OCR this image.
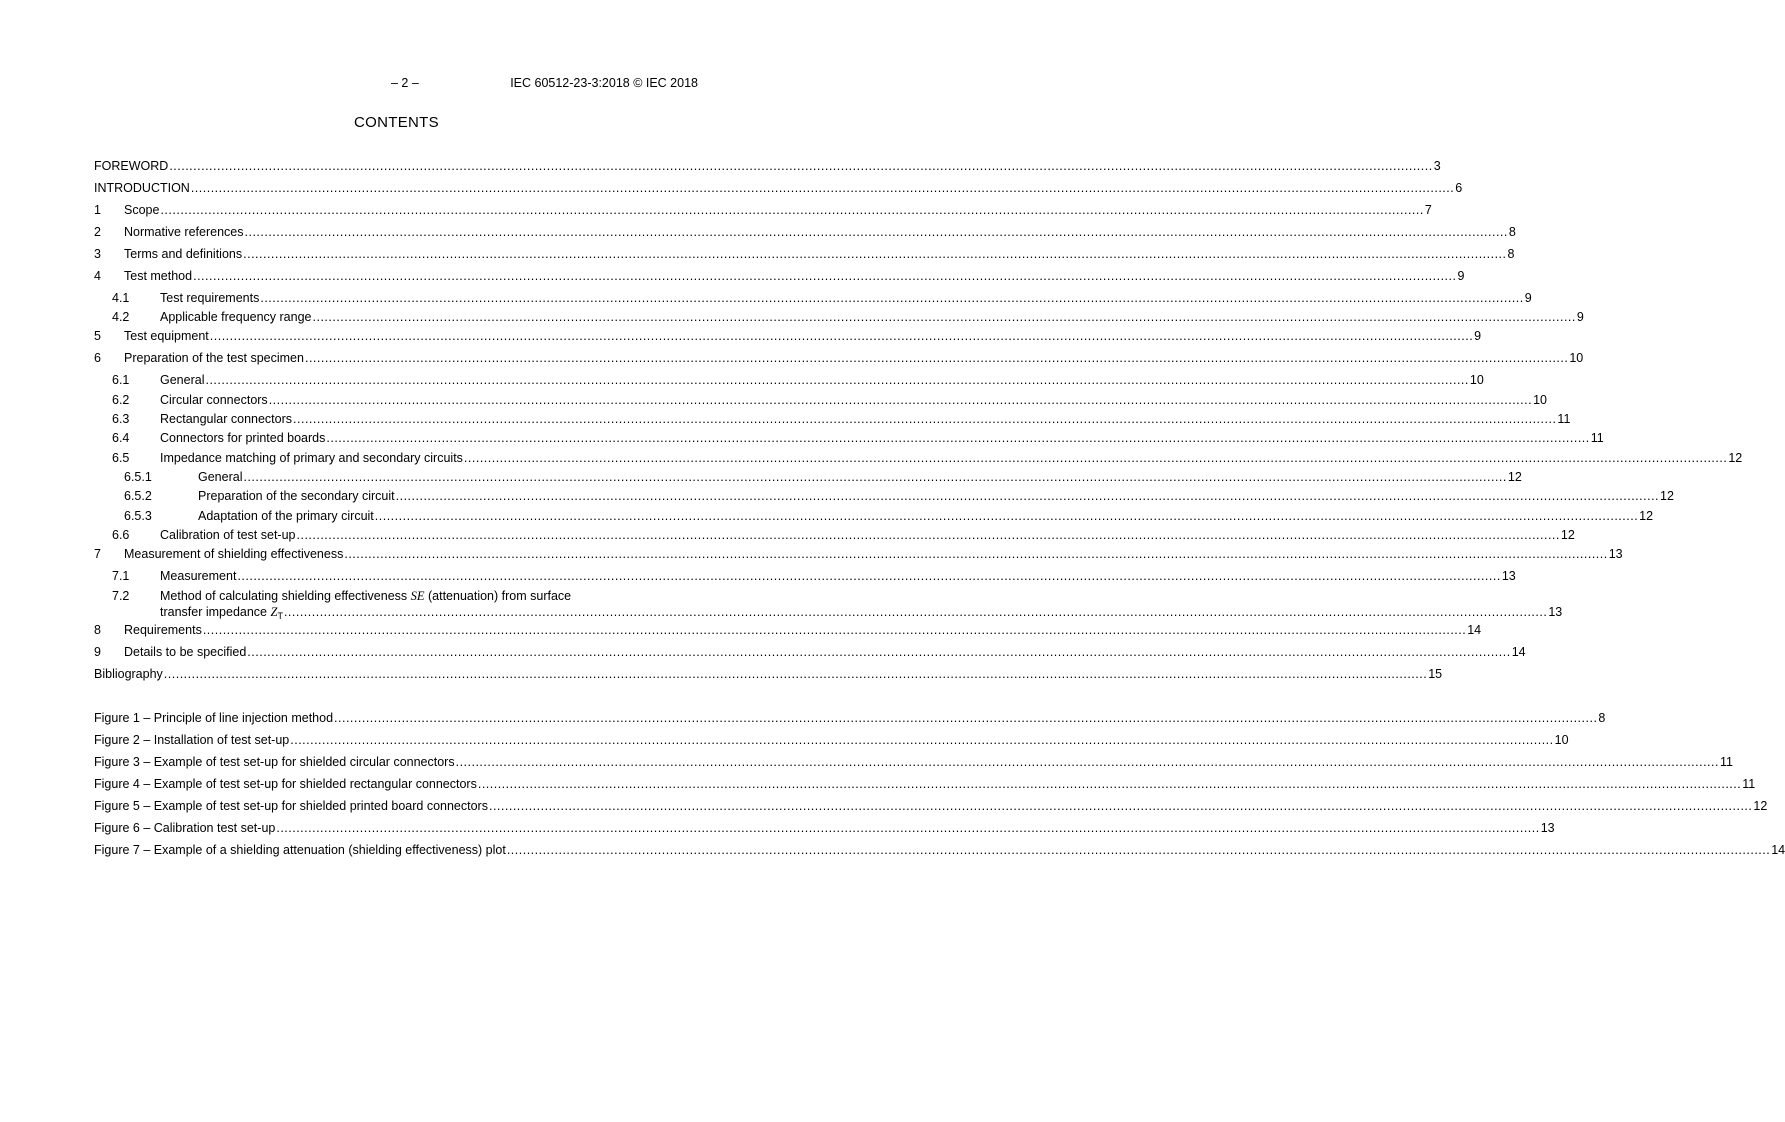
– 2 –	IEC 60512-23-3:2018 © IEC 2018
CONTENTS
FOREWORD .....	3
INTRODUCTION .....	6
1	Scope .....	7
2	Normative references .....	8
3	Terms and definitions .....	8
4	Test method .....	9
4.1	Test requirements .....	9
4.2	Applicable frequency range .....	9
5	Test equipment .....	9
6	Preparation of the test specimen .....	10
6.1	General .....	10
6.2	Circular connectors .....	10
6.3	Rectangular connectors .....	11
6.4	Connectors for printed boards .....	11
6.5	Impedance matching of primary and secondary circuits .....	12
6.5.1	General .....	12
6.5.2	Preparation of the secondary circuit .....	12
6.5.3	Adaptation of the primary circuit .....	12
6.6	Calibration of test set-up .....	12
7	Measurement of shielding effectiveness .....	13
7.1	Measurement .....	13
7.2	Method of calculating shielding effectiveness SE (attenuation) from surface
transfer impedance $Z_T$ .....	13
8	Requirements .....	14
9	Details to be specified .....	14
Bibliography .....	15
Figure 1 – Principle of line injection method .....	8
Figure 2 – Installation of test set-up .....	10
Figure 3 – Example of test set-up for shielded circular connectors .....	11
Figure 4 – Example of test set-up for shielded rectangular connectors .....	11
Figure 5 – Example of test set-up for shielded printed board connectors .....	12
Figure 6 – Calibration test set-up .....	13
Figure 7 – Example of a shielding attenuation (shielding effectiveness) plot .....	14
